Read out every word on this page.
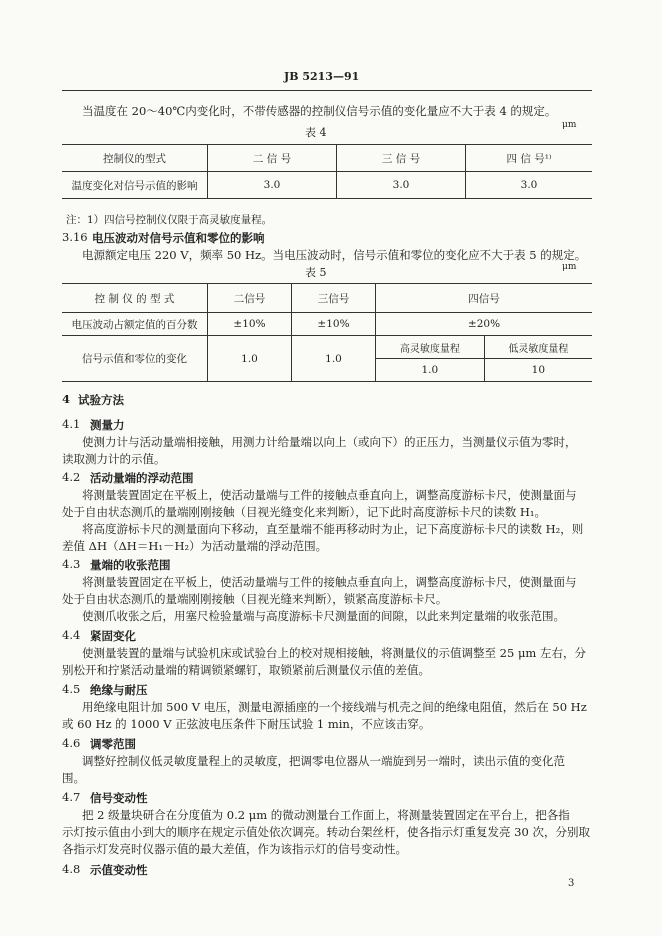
JB 5213—91
当温度在 20～40℃内变化时，不带传感器的控制仪信号示值的变化量应不大于表 4 的规定。
表 4
μm
控制仪的型式	二 信 号	三 信 号	四 信 号¹⁾
温度变化对信号示值的影响	3.0	3.0	3.0
注：1）四信号控制仪仅限于高灵敏度量程。
3.16 电压波动对信号示值和零位的影响
电源额定电压 220 V，频率 50 Hz。当电压波动时，信号示值和零位的变化应不大于表 5 的规定。
表 5	μm
控 制 仪 的 型 式	二信号	三信号	四信号	
电压波动占额定值的百分数	±10%	±10%	±20%	
信号示值和零位的变化	1.0	1.0	高灵敏度量程	低灵敏度量程
			1.0	10
4 试验方法
4.1 测量力
使测力计与活动量端相接触，用测力计给量端以向上（或向下）的正压力，当测量仪示值为零时，
读取测力计的示值。
4.2 活动量端的浮动范围
将测量装置固定在平板上，使活动量端与工件的接触点垂直向上，调整高度游标卡尺，使测量面与
处于自由状态测爪的量端刚刚接触（目视光缝变化来判断），记下此时高度游标卡尺的读数 H₁。
将高度游标卡尺的测量面向下移动，直至量端不能再移动时为止，记下高度游标卡尺的读数 H₂，则
差值 ΔH（ΔH＝H₁－H₂）为活动量端的浮动范围。
4.3 量端的收张范围
将测量装置固定在平板上，使活动量端与工件的接触点垂直向上，调整高度游标卡尺，使测量面与
处于自由状态测爪的量端刚刚接触（目视光缝来判断），锁紧高度游标卡尺。
使测爪收张之后，用塞尺检验量端与高度游标卡尺测量面的间隙，以此来判定量端的收张范围。
4.4 紧固变化
使测量装置的量端与试验机床或试验台上的校对规相接触，将测量仪的示值调整至 25 μm 左右，分
别松开和拧紧活动量端的精调锁紧螺钉，取锁紧前后测量仪示值的差值。
4.5 绝缘与耐压
用绝缘电阻计加 500 V 电压，测量电源插座的一个接线端与机壳之间的绝缘电阻值，然后在 50 Hz
或 60 Hz 的 1000 V 正弦波电压条件下耐压试验 1 min，不应该击穿。
4.6 调零范围
调整好控制仪低灵敏度量程上的灵敏度，把调零电位器从一端旋到另一端时，读出示值的变化范
围。
4.7 信号变动性
把 2 级量块研合在分度值为 0.2 μm 的微动测量台工作面上，将测量装置固定在平台上，把各指
示灯按示值由小到大的顺序在规定示值处依次调亮。转动台架丝杆，使各指示灯重复发亮 30 次，分别取
各指示灯发亮时仪器示值的最大差值，作为该指示灯的信号变动性。
4.8 示值变动性
3
